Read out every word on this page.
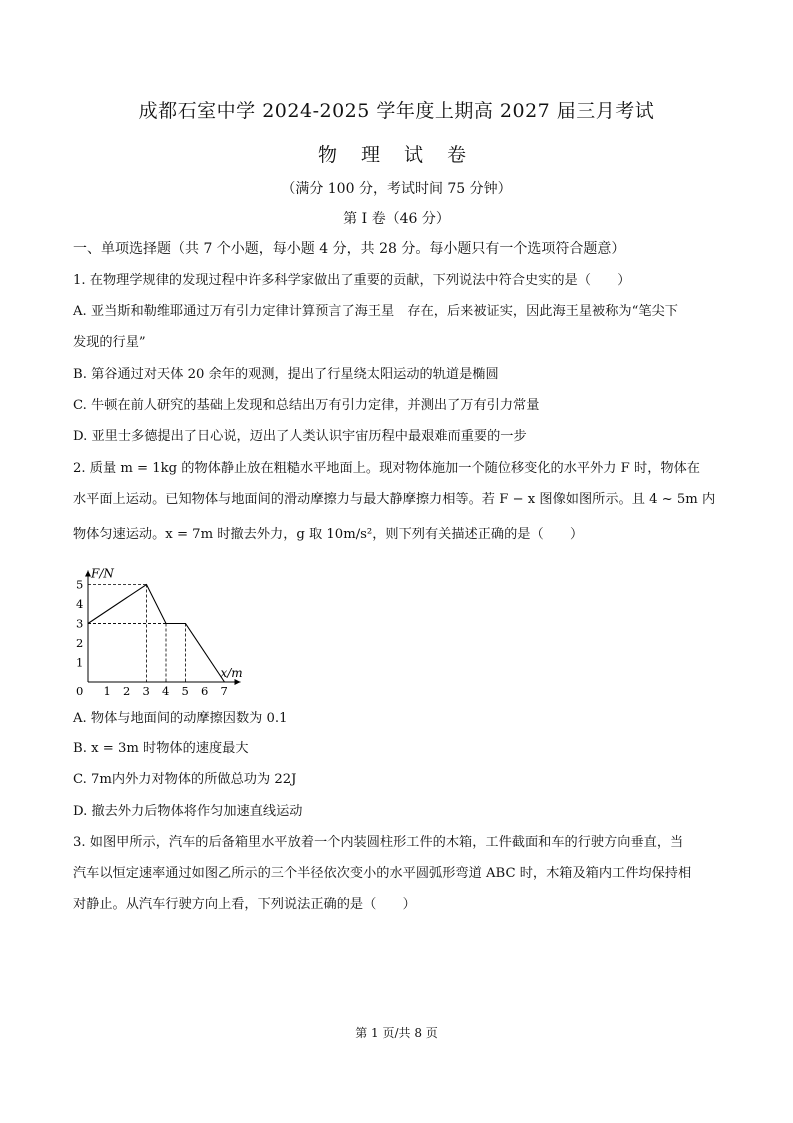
成都石室中学 2024-2025 学年度上期高 2027 届三月考试
物 理 试 卷
（满分 100 分，考试时间 75 分钟）
第 I 卷（46 分）
一、单项选择题（共 7 个小题，每小题 4 分，共 28 分。每小题只有一个选项符合题意）
1. 在物理学规律的发现过程中许多科学家做出了重要的贡献，下列说法中符合史实的是（　　）
A. 亚当斯和勒维耶通过万有引力定律计算预言了海王星　存在，后来被证实，因此海王星被称为“笔尖下
发现的行星”
B. 第谷通过对天体 20 余年的观测，提出了行星绕太阳运动的轨道是椭圆
C. 牛顿在前人研究的基础上发现和总结出万有引力定律，并测出了万有引力常量
D. 亚里士多德提出了日心说，迈出了人类认识宇宙历程中最艰难而重要的一步
2. 质量 m = 1kg 的物体静止放在粗糙水平地面上。现对物体施加一个随位移变化的水平外力 F 时，物体在
水平面上运动。已知物体与地面间的滑动摩擦力与最大静摩擦力相等。若 F − x 图像如图所示。且 4 ~ 5m 内
物体匀速运动。x = 7m 时撤去外力，g 取 10m/s²，则下列有关描述正确的是（　　）
F/N
x/m
0 1 2 3 4 5 6 7
1
2
3
4
5
A. 物体与地面间的动摩擦因数为 0.1
B. x = 3m 时物体的速度最大
C. 7m内外力对物体的所做总功为 22J
D. 撤去外力后物体将作匀加速直线运动
3. 如图甲所示，汽车的后备箱里水平放着一个内装圆柱形工件的木箱，工件截面和车的行驶方向垂直，当
汽车以恒定速率通过如图乙所示的三个半径依次变小的水平圆弧形弯道 ABC 时，木箱及箱内工件均保持相
对静止。从汽车行驶方向上看，下列说法正确的是（　　）
第 1 页/共 8 页
